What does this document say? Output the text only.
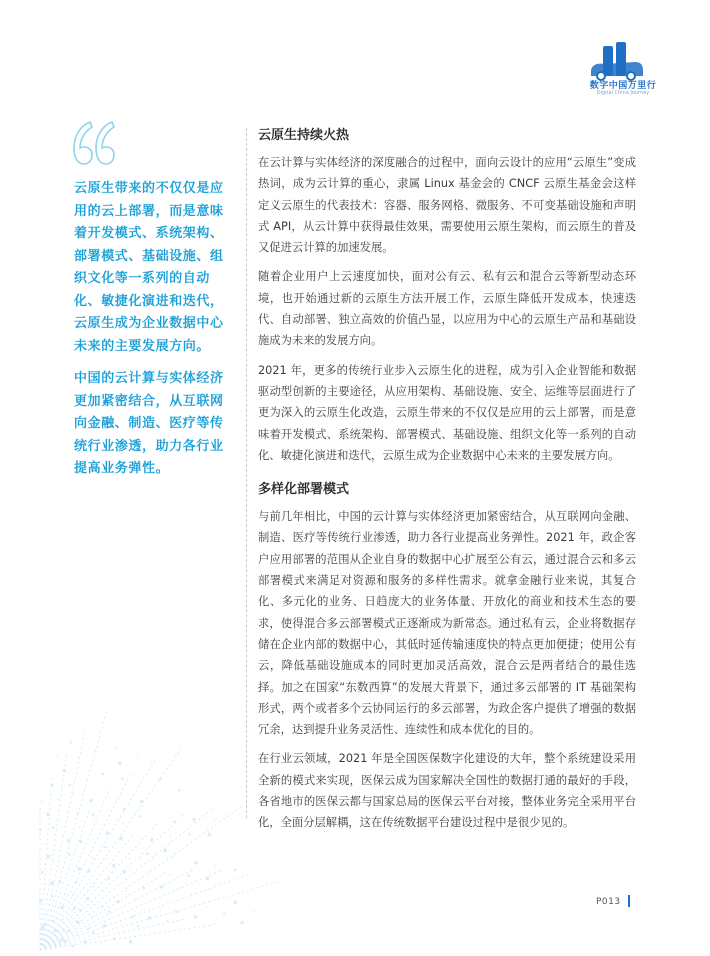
数字中国万里行
Digital China Journey

云原生带来的不仅仅是应用的云上部署，而是意味着开发模式、系统架构、部署模式、基础设施、组织文化等一系列的自动化、敏捷化演进和迭代，云原生成为企业数据中心未来的主要发展方向。

中国的云计算与实体经济更加紧密结合，从互联网向金融、制造、医疗等传统行业渗透，助力各行业提高业务弹性。

云原生持续火热

在云计算与实体经济的深度融合的过程中，面向云设计的应用“云原生”变成热词，成为云计算的重心，隶属 Linux 基金会的 CNCF 云原生基金会这样定义云原生的代表技术：容器、服务网格、微服务、不可变基础设施和声明式 API，从云计算中获得最佳效果，需要使用云原生架构，而云原生的普及又促进云计算的加速发展。

随着企业用户上云速度加快，面对公有云、私有云和混合云等新型动态环境，也开始通过新的云原生方法开展工作，云原生降低开发成本，快速迭代、自动部署、独立高效的价值凸显，以应用为中心的云原生产品和基础设施成为未来的发展方向。

2021 年，更多的传统行业步入云原生化的进程，成为引入企业智能和数据驱动型创新的主要途径，从应用架构、基础设施、安全、运维等层面进行了更为深入的云原生化改造，云原生带来的不仅仅是应用的云上部署，而是意味着开发模式、系统架构、部署模式、基础设施、组织文化等一系列的自动化、敏捷化演进和迭代，云原生成为企业数据中心未来的主要发展方向。

多样化部署模式

与前几年相比，中国的云计算与实体经济更加紧密结合，从互联网向金融、制造、医疗等传统行业渗透，助力各行业提高业务弹性。2021 年，政企客户应用部署的范围从企业自身的数据中心扩展至公有云，通过混合云和多云部署模式来满足对资源和服务的多样性需求。就拿金融行业来说，其复合化、多元化的业务、日趋庞大的业务体量、开放化的商业和技术生态的要求，使得混合多云部署模式正逐渐成为新常态。通过私有云，企业将数据存储在企业内部的数据中心，其低时延传输速度快的特点更加便捷；使用公有云，降低基础设施成本的同时更加灵活高效，混合云是两者结合的最佳选择。加之在国家“东数西算”的发展大背景下，通过多云部署的 IT 基础架构形式，两个或者多个云协同运行的多云部署，为政企客户提供了增强的数据冗余，达到提升业务灵活性、连续性和成本优化的目的。

在行业云领域，2021 年是全国医保数字化建设的大年，整个系统建设采用全新的模式来实现，医保云成为国家解决全国性的数据打通的最好的手段，各省地市的医保云都与国家总局的医保云平台对接，整体业务完全采用平台化，全面分层解耦，这在传统数据平台建设过程中是很少见的。

P013
